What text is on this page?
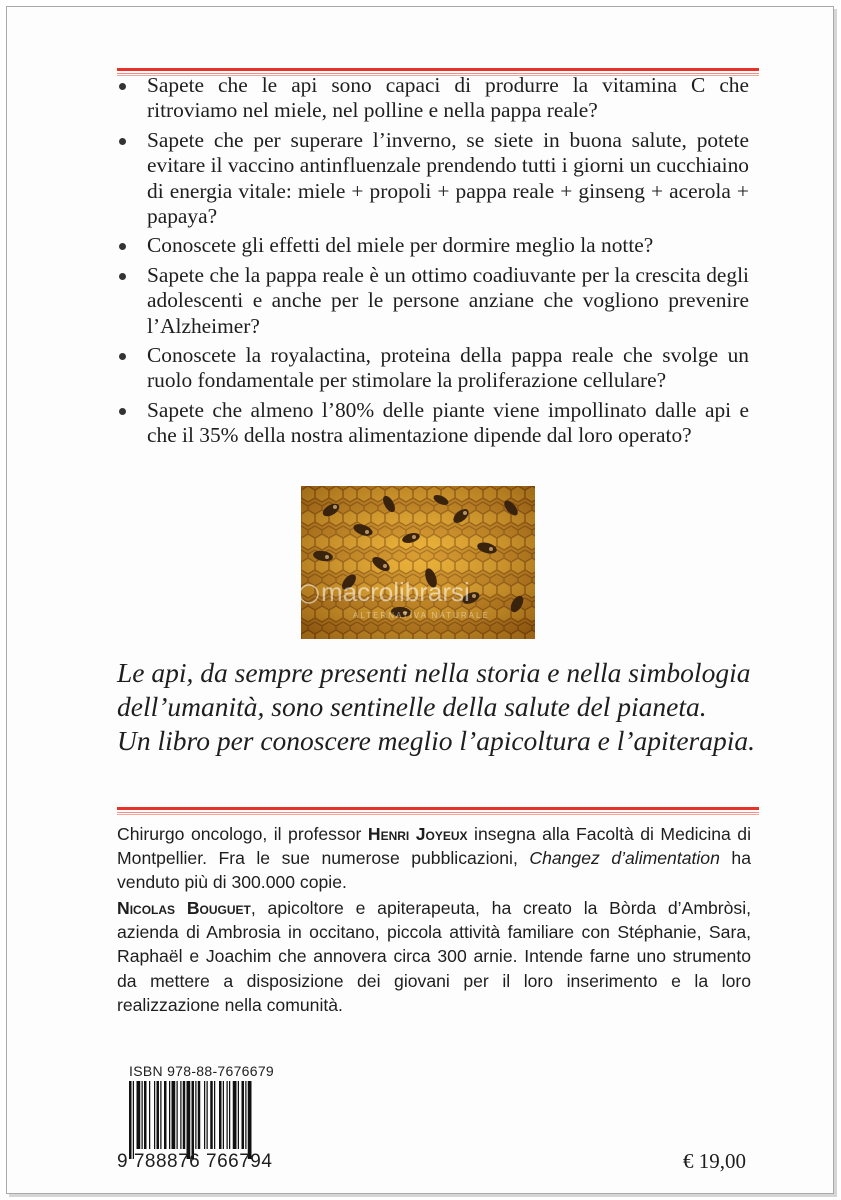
Sapete che le api sono capaci di produrre la vitamina C che ritroviamo nel miele, nel polline e nella pappa reale?
Sapete che per superare l’inverno, se siete in buona salute, potete evitare il vaccino antinfluenzale prendendo tutti i giorni un cucchiaino di energia vitale: miele + propoli + pappa reale + ginseng + acerola + papaya?
Conoscete gli effetti del miele per dormire meglio la notte?
Sapete che la pappa reale è un ottimo coadiuvante per la crescita degli adolescenti e anche per le persone anziane che vogliono prevenire l’Alzheimer?
Conoscete la royalactina, proteina della pappa reale che svolge un ruolo fondamentale per stimolare la proliferazione cellulare?
Sapete che almeno l’80% delle piante viene impollinato dalle api e che il 35% della nostra alimentazione dipende dal loro operato?
macrolibrarsi
ALTERNATIVA NATURALE
Le api, da sempre presenti nella storia e nella simbologia
dell’umanità, sono sentinelle della salute del pianeta.
Un libro per conoscere meglio l’apicoltura e l’apiterapia.
Chirurgo oncologo, il professor Henri Joyeux insegna alla Facoltà di Medicina di Montpellier. Fra le sue numerose pubblicazioni, Changez d’alimentation ha venduto più di 300.000 copie.
Nicolas Bouguet, apicoltore e apiterapeuta, ha creato la Bòrda d’Ambròsi, azienda di Ambrosia in occitano, piccola attività familiare con Stéphanie, Sara, Raphaël e Joachim che annovera circa 300 arnie. Intende farne uno strumento da mettere a disposizione dei giovani per il loro inserimento e la loro realizzazione nella comunità.
ISBN 978-88-7676679
9 788876 766794	€ 19,00
